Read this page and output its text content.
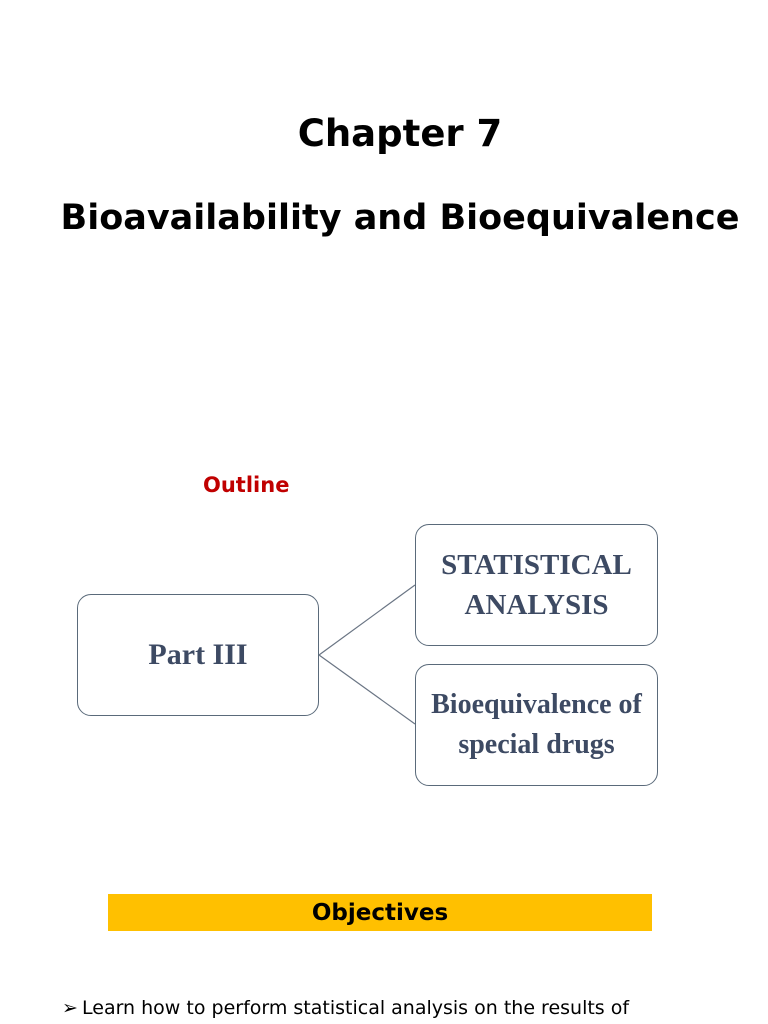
Chapter 7
Bioavailability and Bioequivalence
Outline
Part III
STATISTICAL ANALYSIS
Bioequivalence of special drugs
Objectives
➢ Learn how to perform statistical analysis on the results of
